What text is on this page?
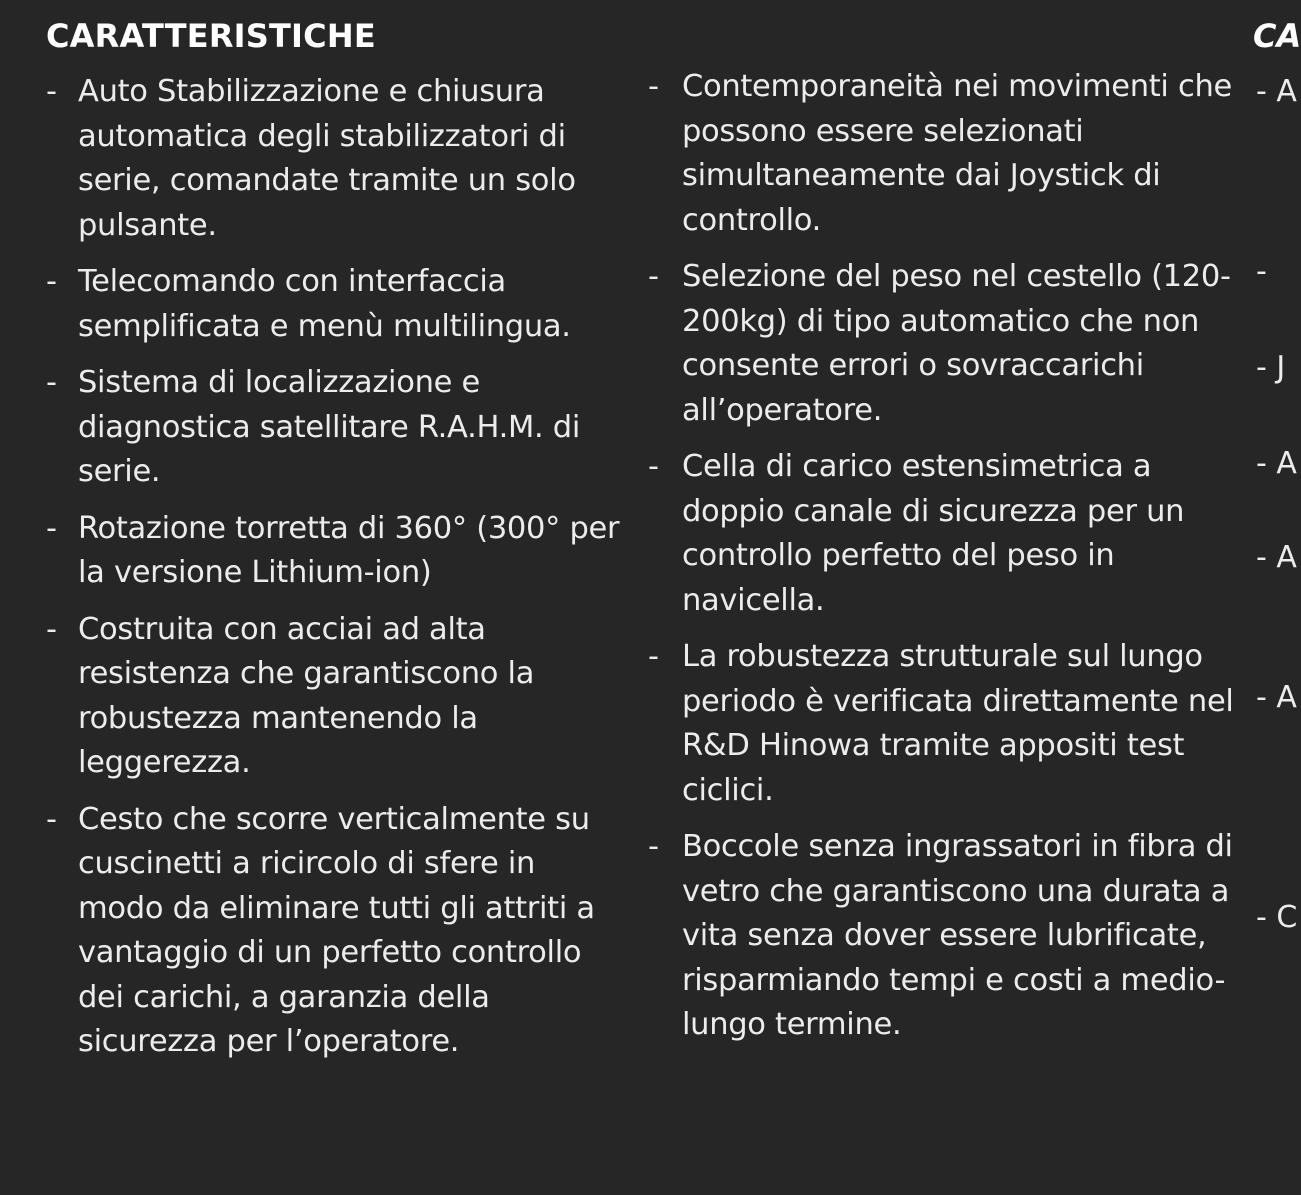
CARATTERISTICHE	CA
- Auto Stabilizzazione e chiusura automatica degli stabilizzatori di serie, comandate tramite un solo pulsante.
- Telecomando con interfaccia semplificata e menù multilingua.
- Sistema di localizzazione e diagnostica satellitare R.A.H.M. di serie.
- Rotazione torretta di 360° (300° per la versione Lithium-ion)
- Costruita con acciai ad alta resistenza che garantiscono la robustezza mantenendo la leggerezza.
- Cesto che scorre verticalmente su cuscinetti a ricircolo di sfere in modo da eliminare tutti gli attriti a vantaggio di un perfetto controllo dei carichi, a garanzia della sicurezza per l’operatore.
- Contemporaneità nei movimenti che possono essere selezionati simultaneamente dai Joystick di controllo.
- Selezione del peso nel cestello (120-200kg) di tipo automatico che non consente errori o sovraccarichi all’operatore.
- Cella di carico estensimetrica a doppio canale di sicurezza per un controllo perfetto del peso in navicella.
- La robustezza strutturale sul lungo periodo è verificata direttamente nel R&D Hinowa tramite appositi test ciclici.
- Boccole senza ingrassatori in fibra di vetro che garantiscono una durata a vita senza dover essere lubrificate, risparmiando tempi e costi a medio-lungo termine.
- A
-
- J
- A
- A
- A
- C
